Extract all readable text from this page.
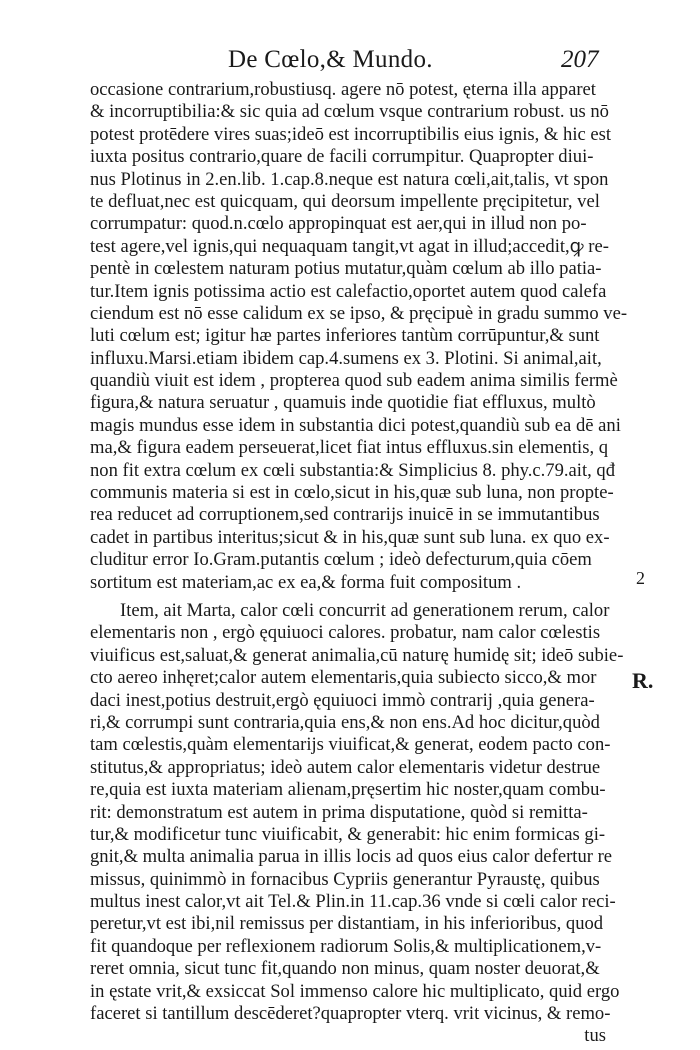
De Cœlo,& Mundo.	207
occasione contrarium,robustiusq. agere nō potest, ęterna illa apparet
& incorruptibilia:& sic quia ad cœlum vsque contrarium robust. us nō
potest protēdere vires suas;ideō est incorruptibilis eius ignis, & hic est
iuxta positus contrario,quare de facili corrumpitur. Quapropter diui-
nus Plotinus in 2.en.lib. 1.cap.8.neque est natura cœli,ait,talis, vt spon
te defluat,nec est quicquam, qui deorsum impellente pręcipitetur, vel
corrumpatur: quod.n.cœlo appropinquat est aer,qui in illud non po-
test agere,vel ignis,qui nequaquam tangit,vt agat in illud;accedit,ꝙ re-
pentè in cœlestem naturam potius mutatur,quàm cœlum ab illo patia-
tur.Item ignis potissima actio est calefactio,oportet autem quod calefa
ciendum est nō esse calidum ex se ipso, & pręcipuè in gradu summo ve-
luti cœlum est; igitur hæ partes inferiores tantùm corrūpuntur,& sunt
influxu.Marsi.etiam ibidem cap.4.sumens ex 3. Plotini. Si animal,ait,
quandiù viuit est idem , propterea quod sub eadem anima similis fermè
figura,& natura seruatur , quamuis inde quotidie fiat effluxus, multò
magis mundus esse idem in substantia dici potest,quandiù sub ea dē ani
ma,& figura eadem perseuerat,licet fiat intus effluxus.sin elementis, q
non fit extra cœlum ex cœli substantia:& Simplicius 8. phy.c.79.ait, qđ
communis materia si est in cœlo,sicut in his,quæ sub luna, non propte-
rea reducet ad corruptionem,sed contrarijs inuicē in se immutantibus
cadet in partibus interitus;sicut & in his,quæ sunt sub luna. ex quo ex-
cluditur error Io.Gram.putantis cœlum ; ideò defecturum,quia cōem
sortitum est materiam,ac ex ea,& forma fuit compositum .
Item, ait Marta, calor cœli concurrit ad generationem rerum, calor
elementaris non , ergò ęquiuoci calores. probatur, nam calor cœlestis
viuificus est,saluat,& generat animalia,cū naturę humidę sit; ideō subie-
cto aereo inhęret;calor autem elementaris,quia subiecto sicco,& mor
daci inest,potius destruit,ergò ęquiuoci immò contrarij ,quia genera-
ri,& corrumpi sunt contraria,quia ens,& non ens.Ad hoc dicitur,quòd
tam cœlestis,quàm elementarijs viuificat,& generat, eodem pacto con-
stitutus,& appropriatus; ideò autem calor elementaris videtur destrue
re,quia est iuxta materiam alienam,pręsertim hic noster,quam combu-
rit: demonstratum est autem in prima disputatione, quòd si remitta-
tur,& modificetur tunc viuificabit, & generabit: hic enim formicas gi-
gnit,& multa animalia parua in illis locis ad quos eius calor defertur re
missus, quinimmò in fornacibus Cypriis generantur Pyraustę, quibus
multus inest calor,vt ait Tel.& Plin.in 11.cap.36 vnde si cœli calor reci-
peretur,vt est ibi,nil remissus per distantiam, in his inferioribus, quod
fit quandoque per reflexionem radiorum Solis,& multiplicationem,v-
reret omnia, sicut tunc fit,quando non minus, quam noster deuorat,&
in ęstate vrit,& exsiccat Sol immenso calore hic multiplicato, quid ergo
faceret si tantillum descēderet?quapropter vterq. vrit vicinus, & remo-
tus
2
R.
